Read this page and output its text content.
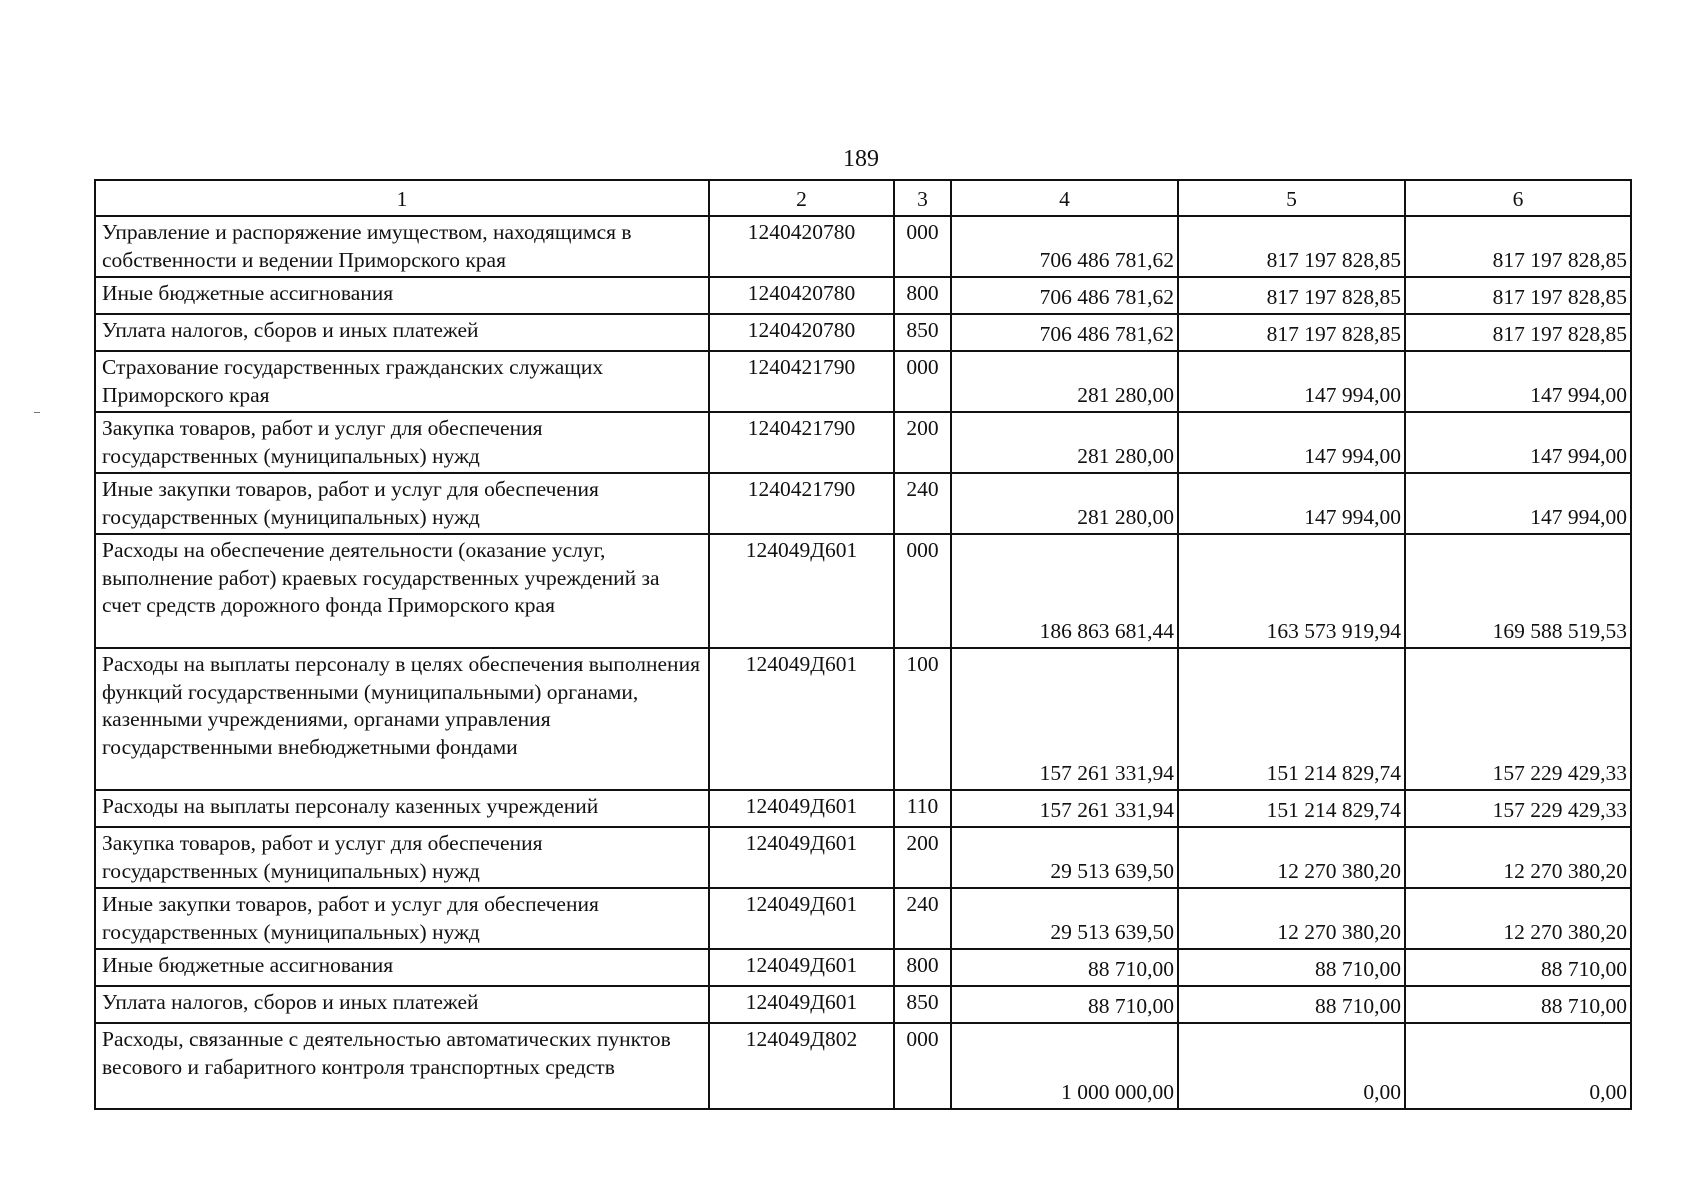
189
1	2	3	4	5	6
Управление и распоряжение имуществом, находящимся в собственности и ведении Приморского края	1240420780	000	706 486 781,62	817 197 828,85	817 197 828,85
Иные бюджетные ассигнования	1240420780	800	706 486 781,62	817 197 828,85	817 197 828,85
Уплата налогов, сборов и иных платежей	1240420780	850	706 486 781,62	817 197 828,85	817 197 828,85
Страхование государственных гражданских служащих Приморского края	1240421790	000	281 280,00	147 994,00	147 994,00
Закупка товаров, работ и услуг для обеспечения государственных (муниципальных) нужд	1240421790	200	281 280,00	147 994,00	147 994,00
Иные закупки товаров, работ и услуг для обеспечения государственных (муниципальных) нужд	1240421790	240	281 280,00	147 994,00	147 994,00
Расходы на обеспечение деятельности (оказание услуг, выполнение работ) краевых государственных учреждений за счет средств дорожного фонда Приморского края	124049Д601	000	186 863 681,44	163 573 919,94	169 588 519,53
Расходы на выплаты персоналу в целях обеспечения выполнения функций государственными (муниципальными) органами, казенными учреждениями, органами управления государственными внебюджетными фондами	124049Д601	100	157 261 331,94	151 214 829,74	157 229 429,33
Расходы на выплаты персоналу казенных учреждений	124049Д601	110	157 261 331,94	151 214 829,74	157 229 429,33
Закупка товаров, работ и услуг для обеспечения государственных (муниципальных) нужд	124049Д601	200	29 513 639,50	12 270 380,20	12 270 380,20
Иные закупки товаров, работ и услуг для обеспечения государственных (муниципальных) нужд	124049Д601	240	29 513 639,50	12 270 380,20	12 270 380,20
Иные бюджетные ассигнования	124049Д601	800	88 710,00	88 710,00	88 710,00
Уплата налогов, сборов и иных платежей	124049Д601	850	88 710,00	88 710,00	88 710,00
Расходы, связанные с деятельностью автоматических пунктов весового и габаритного контроля транспортных средств	124049Д802	000	1 000 000,00	0,00	0,00
